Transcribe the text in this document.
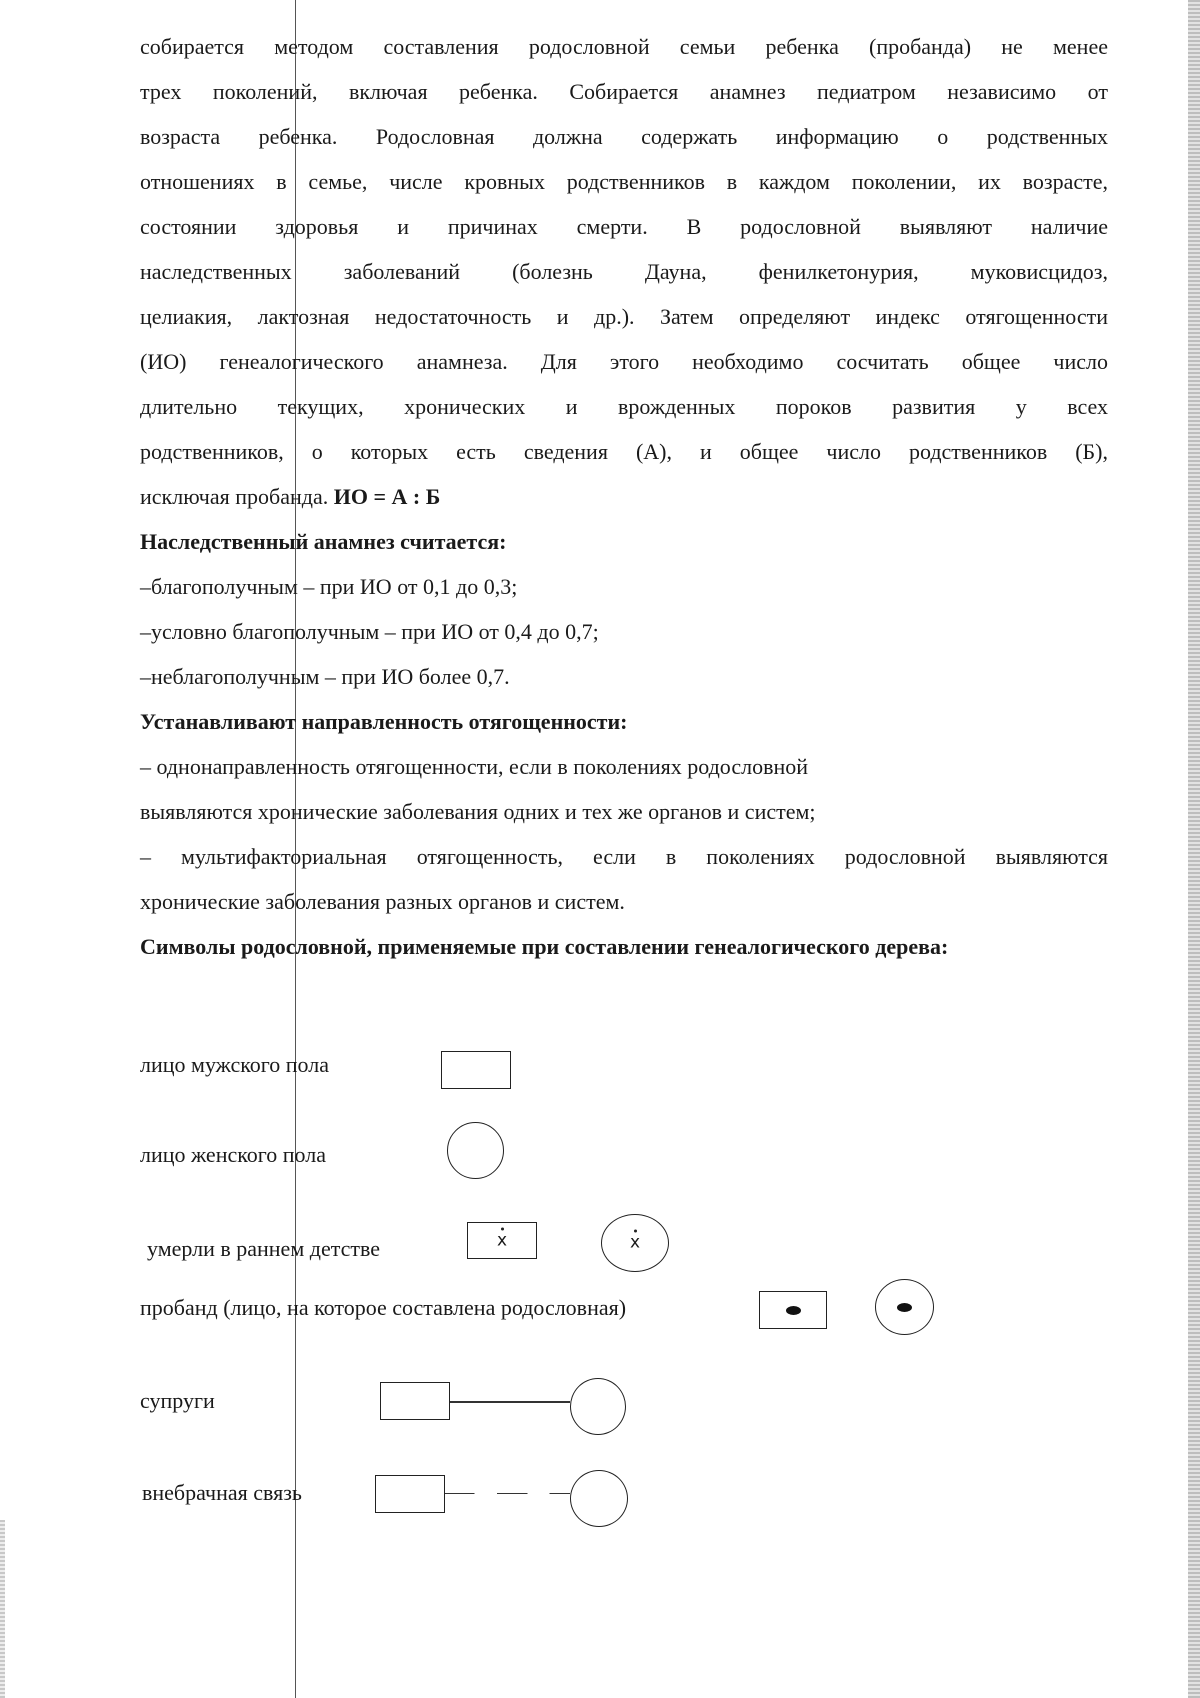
собирается методом составления родословной семьи ребенка (пробанда) не менее
трех поколений, включая ребенка. Собирается анамнез педиатром независимо от
возраста ребенка. Родословная должна содержать информацию о родственных
отношениях в семье, числе кровных родственников в каждом поколении, их возрасте,
состоянии здоровья и причинах смерти. В родословной выявляют наличие
наследственных заболеваний (болезнь Дауна, фенилкетонурия, муковисцидоз,
целиакия, лактозная недостаточность и др.). Затем определяют индекс отягощенности
(ИО) генеалогического анамнеза. Для этого необходимо сосчитать общее число
длительно текущих, хронических и врожденных пороков развития у всех
родственников, о которых есть сведения (А), и общее число родственников (Б),
исключая пробанда. ИО = А : Б
Наследственный анамнез считается:
–благополучным – при ИО от 0,1 до 0,3;
–условно благополучным – при ИО от 0,4 до 0,7;
–неблагополучным – при ИО более 0,7.
Устанавливают направленность отягощенности:
– однонаправленность отягощенности, если в поколениях родословной
выявляются хронические заболевания одних и тех же органов и систем;
– мультифакториальная отягощенность, если в поколениях родословной выявляются
хронические заболевания разных органов и систем.
Символы родословной, применяемые при составлении генеалогического дерева:
лицо мужского пола
лицо женского пола
умерли в раннем детстве	x	x
пробанд (лицо, на которое составлена родословная)
супруги
внебрачная связь
